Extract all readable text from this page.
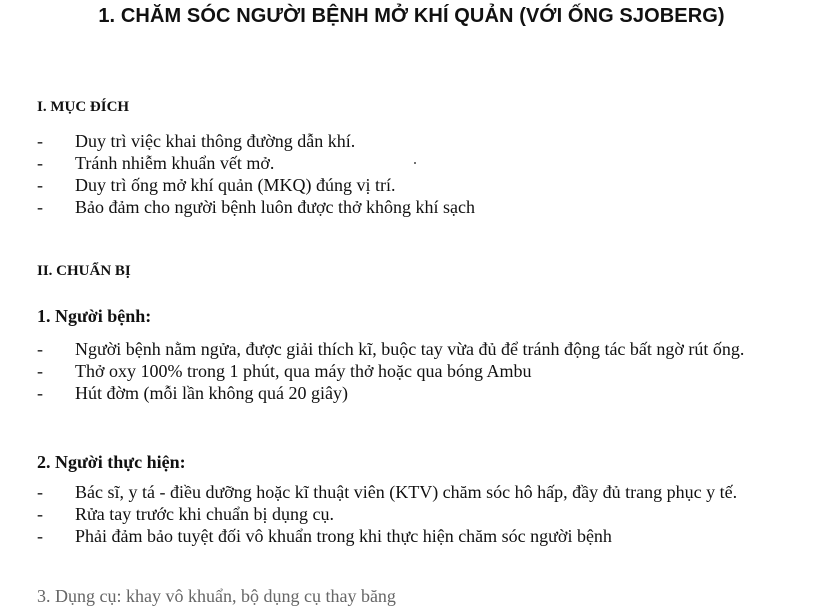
1. CHĂM SÓC NGƯỜI BỆNH MỞ KHÍ QUẢN (VỚI ỐNG SJOBERG)
I. MỤC ĐÍCH
- Duy trì việc khai thông đường dẫn khí.
- Tránh nhiễm khuẩn vết mở.
- Duy trì ống mở khí quản (MKQ) đúng vị trí.
- Bảo đảm cho người bệnh luôn được thở không khí sạch
II. CHUẨN BỊ
1. Người bệnh:
- Người bệnh nằm ngửa, được giải thích kĩ, buộc tay vừa đủ để tránh động tác bất ngờ rút ống.
- Thở oxy 100% trong 1 phút, qua máy thở hoặc qua bóng Ambu
- Hút đờm (mỗi lần không quá 20 giây)
2. Người thực hiện:
- Bác sĩ, y tá - điều dưỡng hoặc kĩ thuật viên (KTV) chăm sóc hô hấp, đầy đủ trang phục y tế.
- Rửa tay trước khi chuẩn bị dụng cụ.
- Phải đảm bảo tuyệt đối vô khuẩn trong khi thực hiện chăm sóc người bệnh
3. Dụng cụ: khay vô khuẩn, bộ dụng cụ thay băng
